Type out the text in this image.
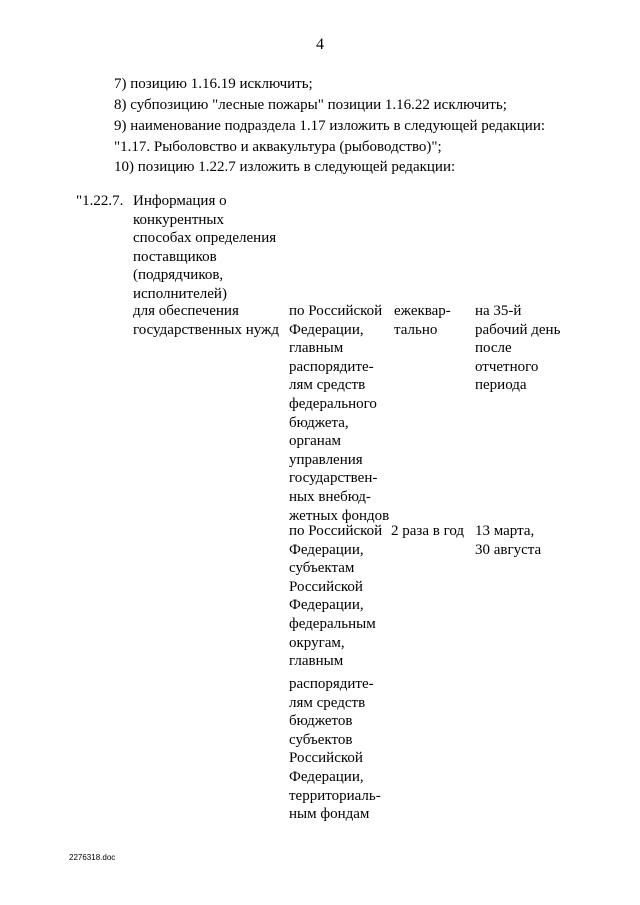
4
7) позицию 1.16.19 исключить;
8) субпозицию "лесные пожары" позиции 1.16.22 исключить;
9) наименование подраздела 1.17 изложить в следующей редакции:
"1.17. Рыболовство и аквакультура (рыбоводство)";
10) позицию 1.22.7 изложить в следующей редакции:
"1.22.7. Информация о
конкурентных
способах определения
поставщиков
(подрядчиков,
исполнителей)
для обеспечения
государственных нужд
по Российской
Федерации,
главным
распорядите-
лям средств
федерального
бюджета,
органам
управления
государствен-
ных внебюд-
жетных фондов
ежеквар-
тально
на 35-й
рабочий день
после
отчетного
периода
по Российской
Федерации,
субъектам
Российской
Федерации,
федеральным
округам,
главным
2 раза в год 13 марта,
30 августа
распорядите-
лям средств
бюджетов
субъектов
Российской
Федерации,
территориаль-
ным фондам
2276318.doc
